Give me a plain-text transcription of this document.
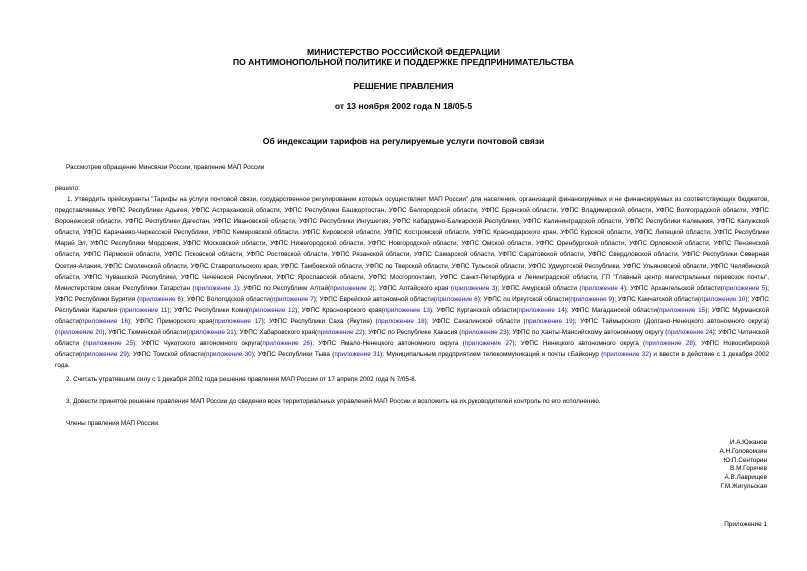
МИНИСТЕРСТВО РОССИЙСКОЙ ФЕДЕРАЦИИ
ПО АНТИМОНОПОЛЬНОЙ ПОЛИТИКЕ И ПОДДЕРЖКЕ ПРЕДПРИНИМАТЕЛЬСТВА
РЕШЕНИЕ ПРАВЛЕНИЯ
от 13 ноября 2002 года N 18/05-5
Об индексации тарифов на регулируемые услуги почтовой связи
Рассмотрев обращение Минсвязи России, правление МАП России
решило:
1. Утвердить прейскуранты "Тарифы на услуги почтовой связи, государственное регулирование которых осуществляет МАП России" для населения, организаций финансируемых и не финансируемых из соответствующих бюджетов, представляемых УФПС Республики Адыгея, УФПС Астраханской области, УФПС Республики Башкортостан, УФПС Белгородской области, УФПС Брянской области, УФПС Владимирской области, УФПС Волгоградской области, УФПС Воронежской области, УФПС Республики Дагестан, УФПС Ивановской области, УФПС Республики Ингушетия, УФПС Кабардино-Балкарской Республики, УФПС Калининградской области, УФПС Республики Калмыкия, УФПС Калужской области, УФПС Карачаево-Черкесской Республики, УФПС Кемеровской области, УФПС Кировской области, УФПС Костромской области, УФПС Краснодарского края, УФПС Курской области, УФПС Липецкой области, УФПС Республики Марий Эл, УФПС Республики Мордовия, УФПС Московской области, УФПС Нижегородской области, УФПС Новгородской области, УФПС Омской области, УФПС Оренбургской области, УФПС Орловской области, УФПС Пензенской области, УФПС Пермской области, УФПС Псковской области, УФПС Ростовской области, УФПС Рязанской области, УФПС Самарской области, УФПС Саратовской области, УФПС Свердловской области, УФПС Республики Северная Осетия-Алания, УФПС Смоленской области, УФПС Ставропольского края, УФПС Тамбовской области, УФПС по Тверской области, УФПС Тульской области, УФПС Удмуртской Республики, УФПС Ульяновской области, УФПС Челябинской области, УФПС Чувашской Республики, УФПС Чеченской Республики, УФПС Ярославской области, УФПС Мосгорпочтамт, УФПС Санкт-Петербурга и Ленинградской области, ГП "Главный центр магистральных перевозок почты", Министерством связи Республики Татарстан (приложение 1); УФПС по Республике Алтай(приложение 2); УФПС Алтайского края (приложение 3); УФПС Амурской области (приложение 4); УФПС Архангельской области(приложение 5); УФПС Республики Бурятия (приложение 6); УФПС Вологодской области(приложение 7); УФПС Еврейской автономной области(приложение 8); УФПС по Иркутской области(приложение 9); УФПС Камчатской области(приложение 10); УФПС Республики Карелия (приложение 11); УФПС Республики Коми(приложение 12); УФПС Красноярского края(приложение 13); УФПС Курганской области(приложение 14); УФПС Магаданской области(приложение 15); УФПС Мурманской области(приложение 16); УФПС Приморского края(приложение 17); УФПС Республики Саха (Якутия) (приложение 18); УФПС Сахалинской области (приложение 19); УФПС Таймырского (Долгано-Ненецкого автономного округа) (приложение 20); УФПС Тюменской области(приложение 21); УФПС Хабаровского края(приложение 22); УФПС по Республике Хакасия (приложение 23); УФПС по Ханты-Мансийскому автономному округу (приложение 24); УФПС Читинской области (приложение 25); УФПС Чукотского автономного округа(приложение 26); УФПС Ямало-Ненецкого автономного округа (приложение 27); УФПС Ненецкого автономного округа (приложение 28); УФПС Новосибирской области(приложение 29); УФПС Томской области(приложение 30); УФПС Республики Тыва (приложение 31); Муниципальным предприятием телекоммуникаций и почты г.Байконур (приложение 32) и ввести в действие с 1 декабря 2002 года.
2. Считать утратившим силу с 1 декабря 2002 года решение правления МАП России от 17 апреля 2002 года N 7/05-8.
3. Довести принятое решение правления МАП России до сведения всех территориальных управлений МАП России и возложить на их руководителей контроль по его исполнению.
Члены правления МАП России:
И.А.Южанов
А.Н.Головомзин
Ю.П.Сенторин
В.М.Горячев
А.В.Лаврищев
Г.М.Жигульская
Приложение 1
